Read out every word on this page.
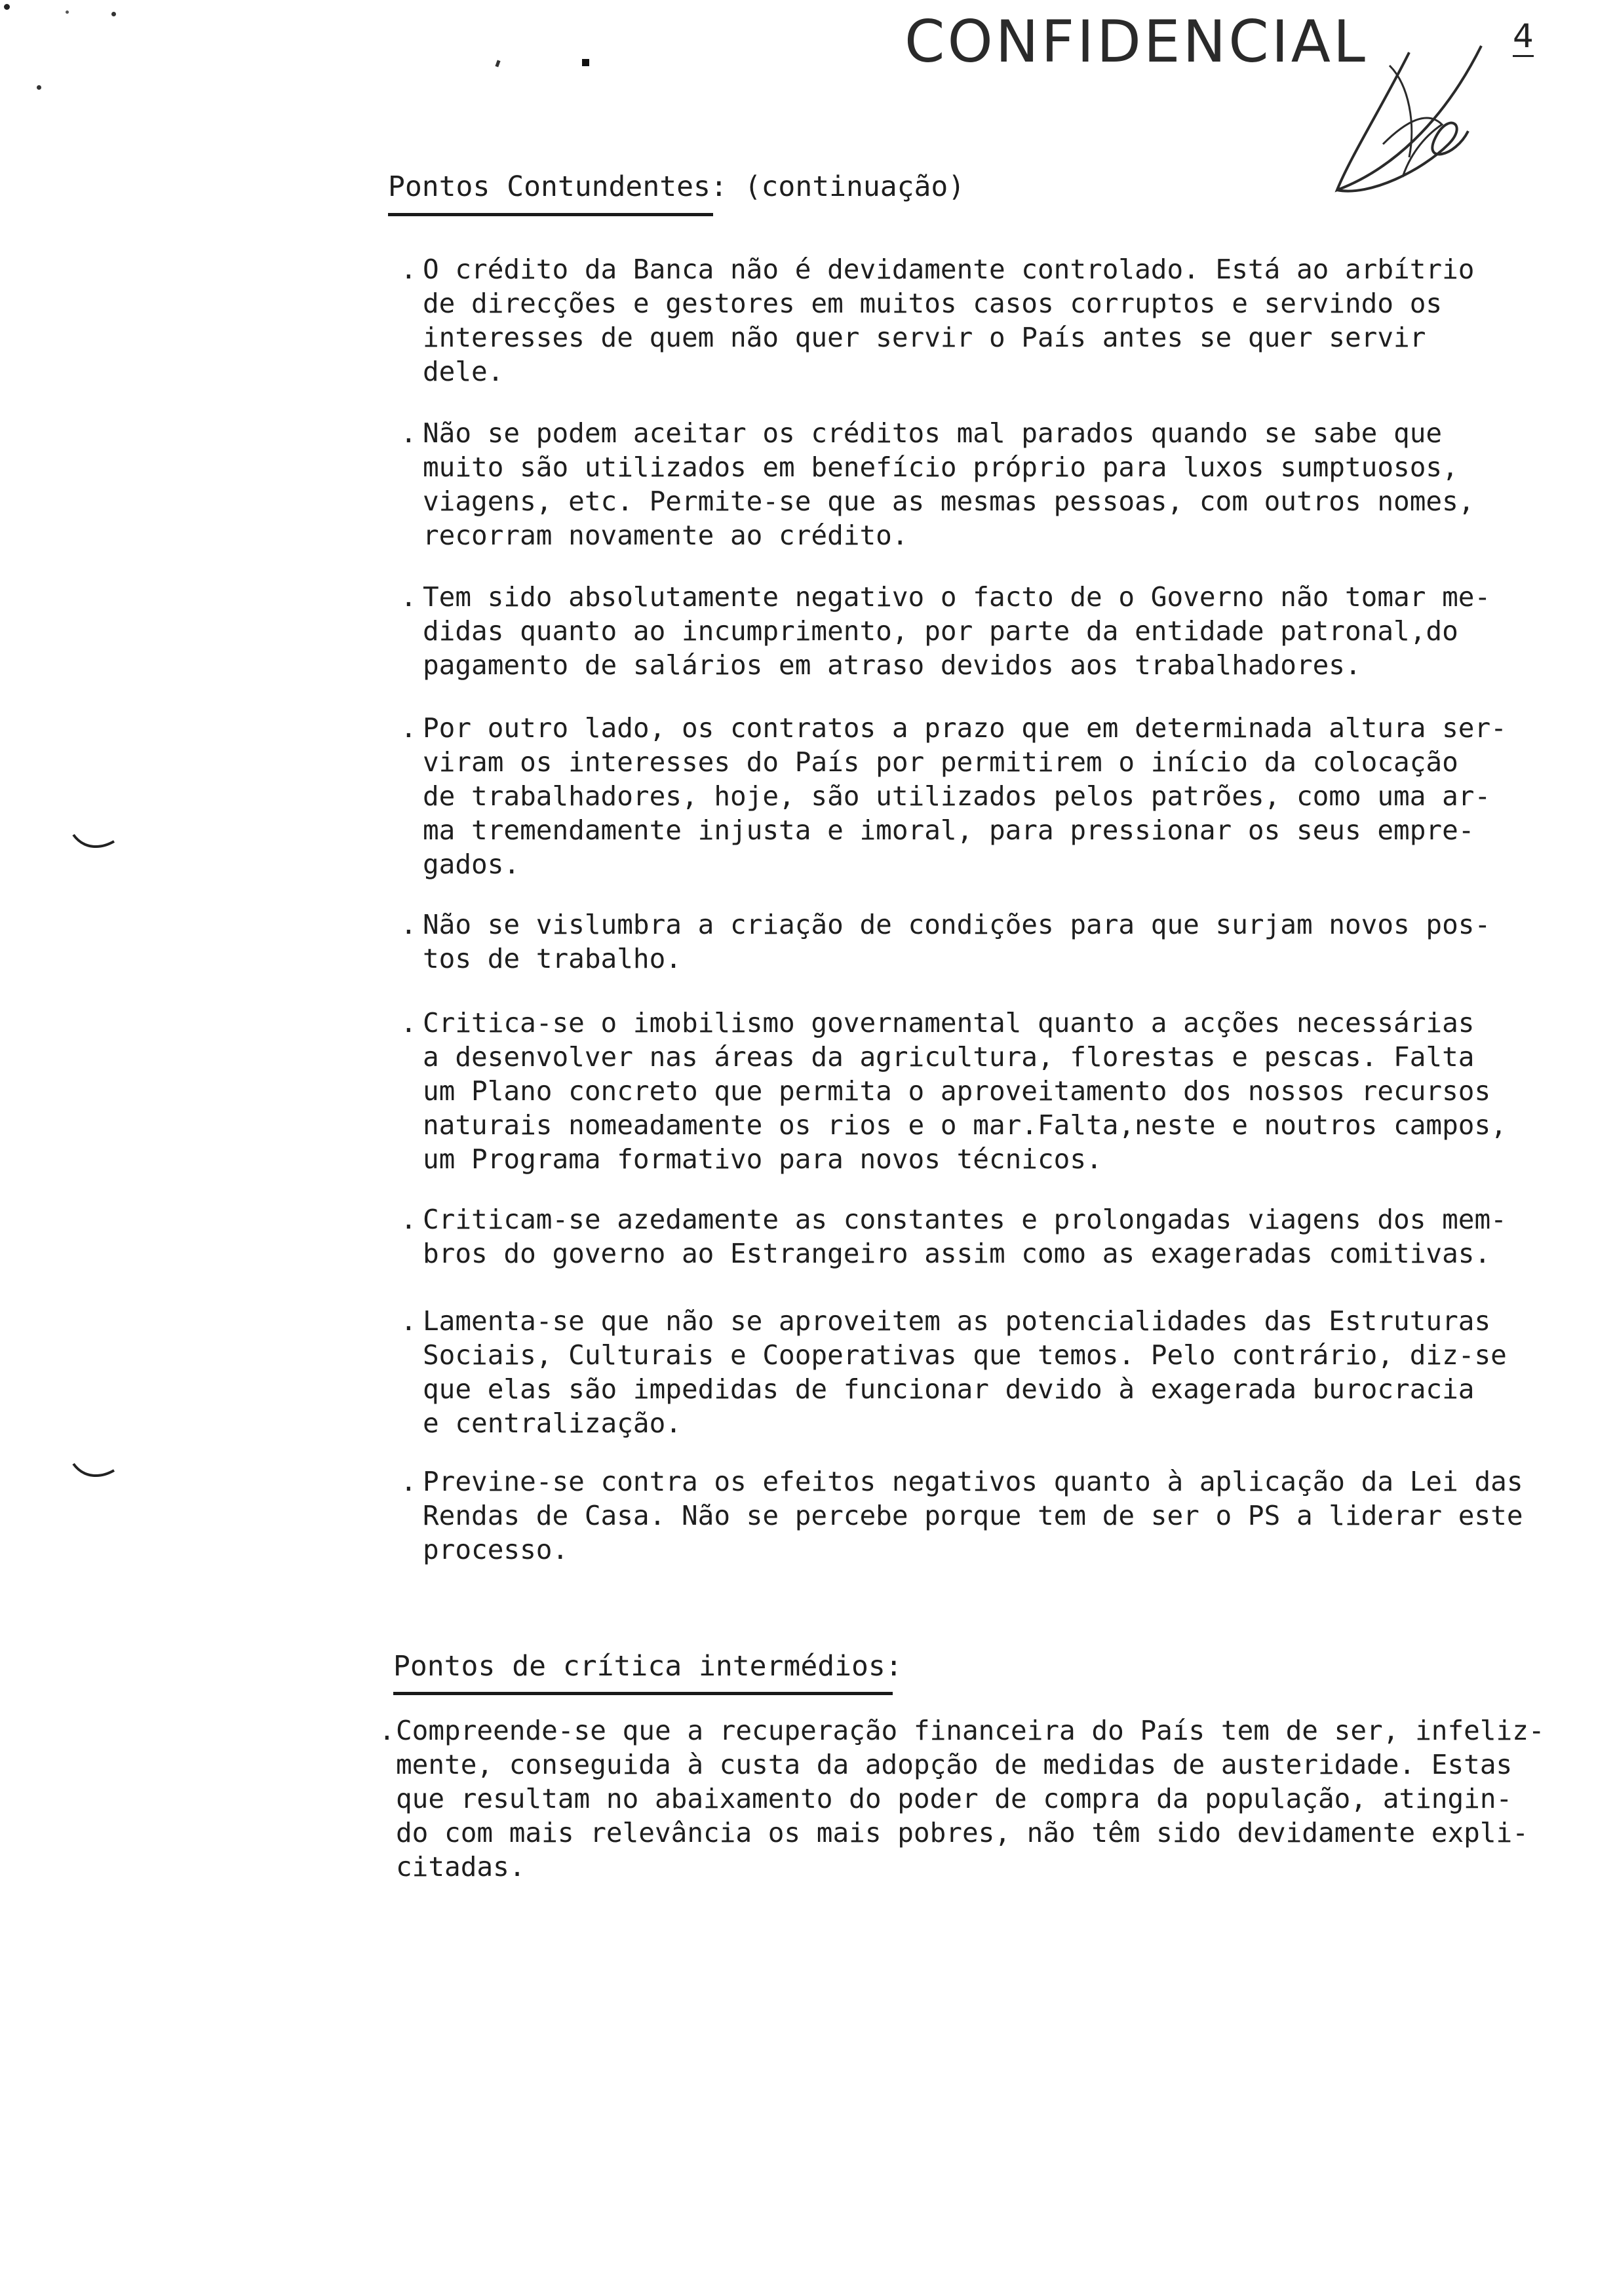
CONFIDENCIAL	4
Pontos Contundentes: (continuação)
. O crédito da Banca não é devidamente controlado. Está ao arbítrio
de direcções e gestores em muitos casos corruptos e servindo os
interesses de quem não quer servir o País antes se quer servir
dele.
. Não se podem aceitar os créditos mal parados quando se sabe que
muito são utilizados em benefício próprio para luxos sumptuosos,
viagens, etc. Permite-se que as mesmas pessoas, com outros nomes,
recorram novamente ao crédito.
. Tem sido absolutamente negativo o facto de o Governo não tomar me-
didas quanto ao incumprimento, por parte da entidade patronal,do
pagamento de salários em atraso devidos aos trabalhadores.
. Por outro lado, os contratos a prazo que em determinada altura ser-
viram os interesses do País por permitirem o início da colocação
de trabalhadores, hoje, são utilizados pelos patrões, como uma ar-
ma tremendamente injusta e imoral, para pressionar os seus empre-
gados.
. Não se vislumbra a criação de condições para que surjam novos pos-
tos de trabalho.
. Critica-se o imobilismo governamental quanto a acções necessárias
a desenvolver nas áreas da agricultura, florestas e pescas. Falta
um Plano concreto que permita o aproveitamento dos nossos recursos
naturais nomeadamente os rios e o mar.Falta,neste e noutros campos,
um Programa formativo para novos técnicos.
. Criticam-se azedamente as constantes e prolongadas viagens dos mem-
bros do governo ao Estrangeiro assim como as exageradas comitivas.
. Lamenta-se que não se aproveitem as potencialidades das Estruturas
Sociais, Culturais e Cooperativas que temos. Pelo contrário, diz-se
que elas são impedidas de funcionar devido à exagerada burocracia
e centralização.
. Previne-se contra os efeitos negativos quanto à aplicação da Lei das
Rendas de Casa. Não se percebe porque tem de ser o PS a liderar este
processo.
Pontos de crítica intermédios:
. Compreende-se que a recuperação financeira do País tem de ser, infeliz-
mente, conseguida à custa da adopção de medidas de austeridade. Estas
que resultam no abaixamento do poder de compra da população, atingin-
do com mais relevância os mais pobres, não têm sido devidamente expli-
citadas.
